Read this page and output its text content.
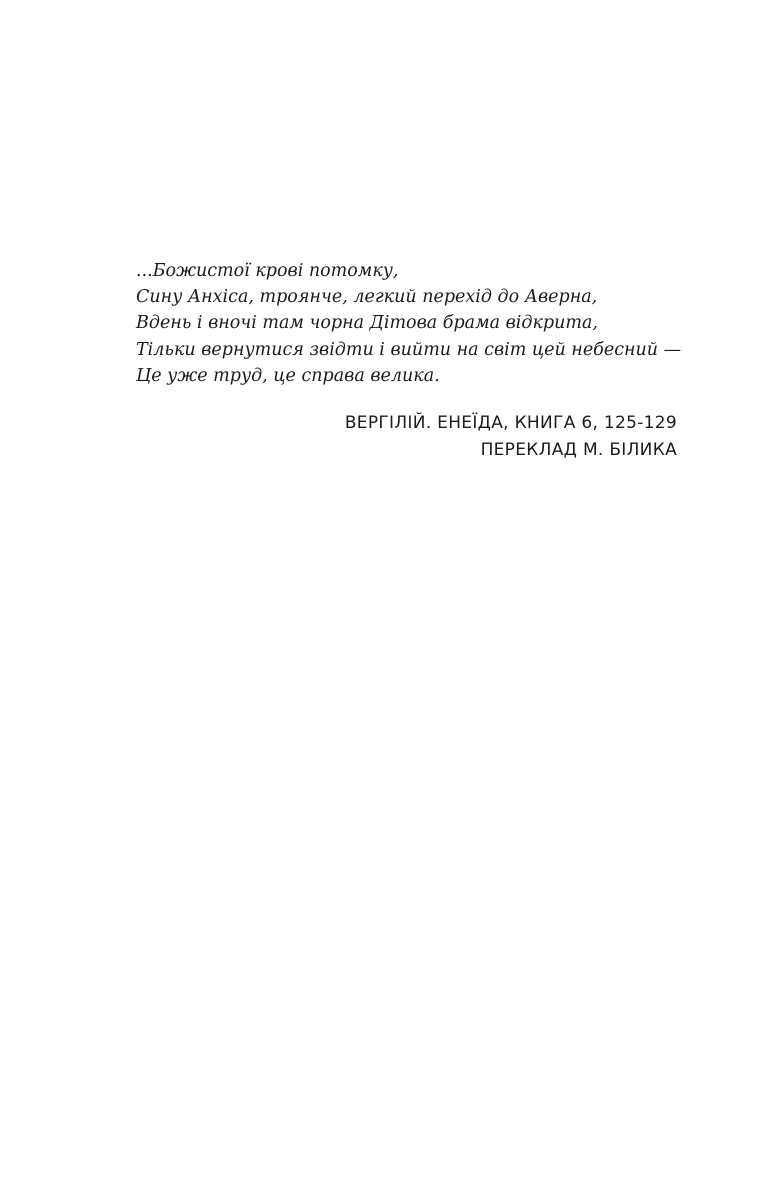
...Божистої крові потомку,
Сину Анхіса, троянче, легкий перехід до Аверна,
Вдень і вночі там чорна Дітова брама відкрита,
Тільки вернутися звідти і вийти на світ цей небесний —
Це уже труд, це справа велика.
ВЕРГІЛІЙ. ЕНЕЇДА, КНИГА 6, 125-129
ПЕРЕКЛАД М. БІЛИКА
